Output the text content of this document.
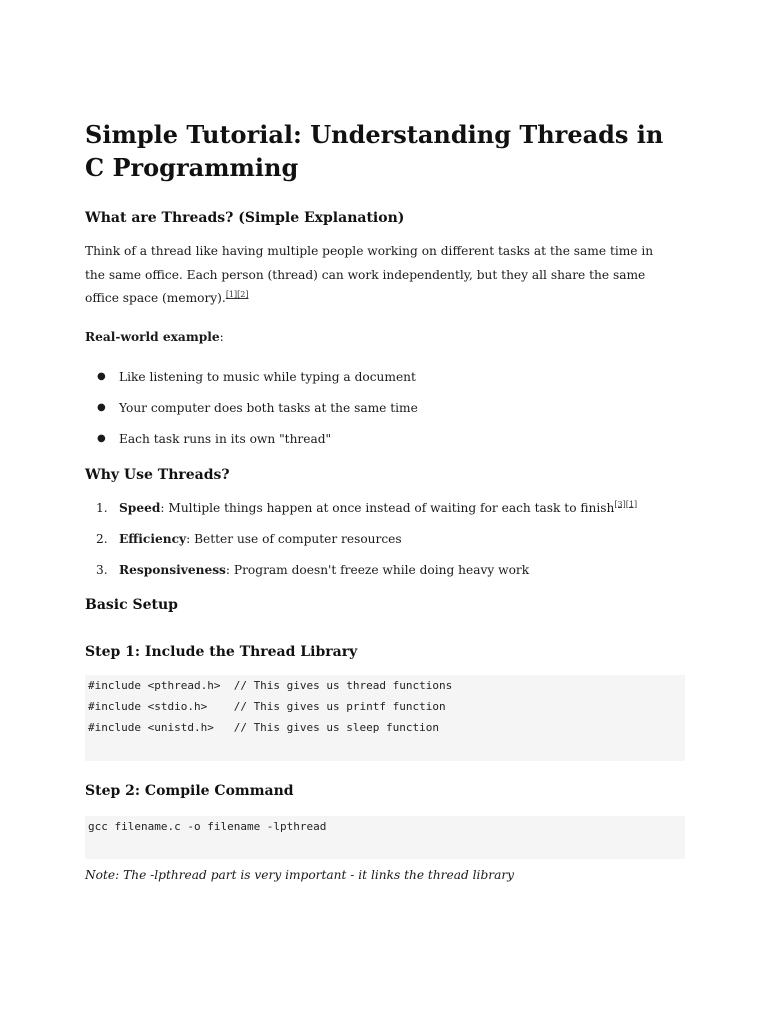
Simple Tutorial: Understanding Threads in C Programming
What are Threads? (Simple Explanation)

Think of a thread like having multiple people working on different tasks at the same time in the same office. Each person (thread) can work independently, but they all share the same office space (memory).[1][2]

Real-world example:

● Like listening to music while typing a document
● Your computer does both tasks at the same time
● Each task runs in its own "thread"
Why Use Threads?
1. Speed: Multiple things happen at once instead of waiting for each task to finish[3][1]
2. Efficiency: Better use of computer resources
3. Responsiveness: Program doesn't freeze while doing heavy work
Basic Setup
Step 1: Include the Thread Library
#include <pthread.h>  // This gives us thread functions
#include <stdio.h>    // This gives us printf function
#include <unistd.h>   // This gives us sleep function
Step 2: Compile Command
gcc filename.c -o filename -lpthread

Note: The -lpthread part is very important - it links the thread library
